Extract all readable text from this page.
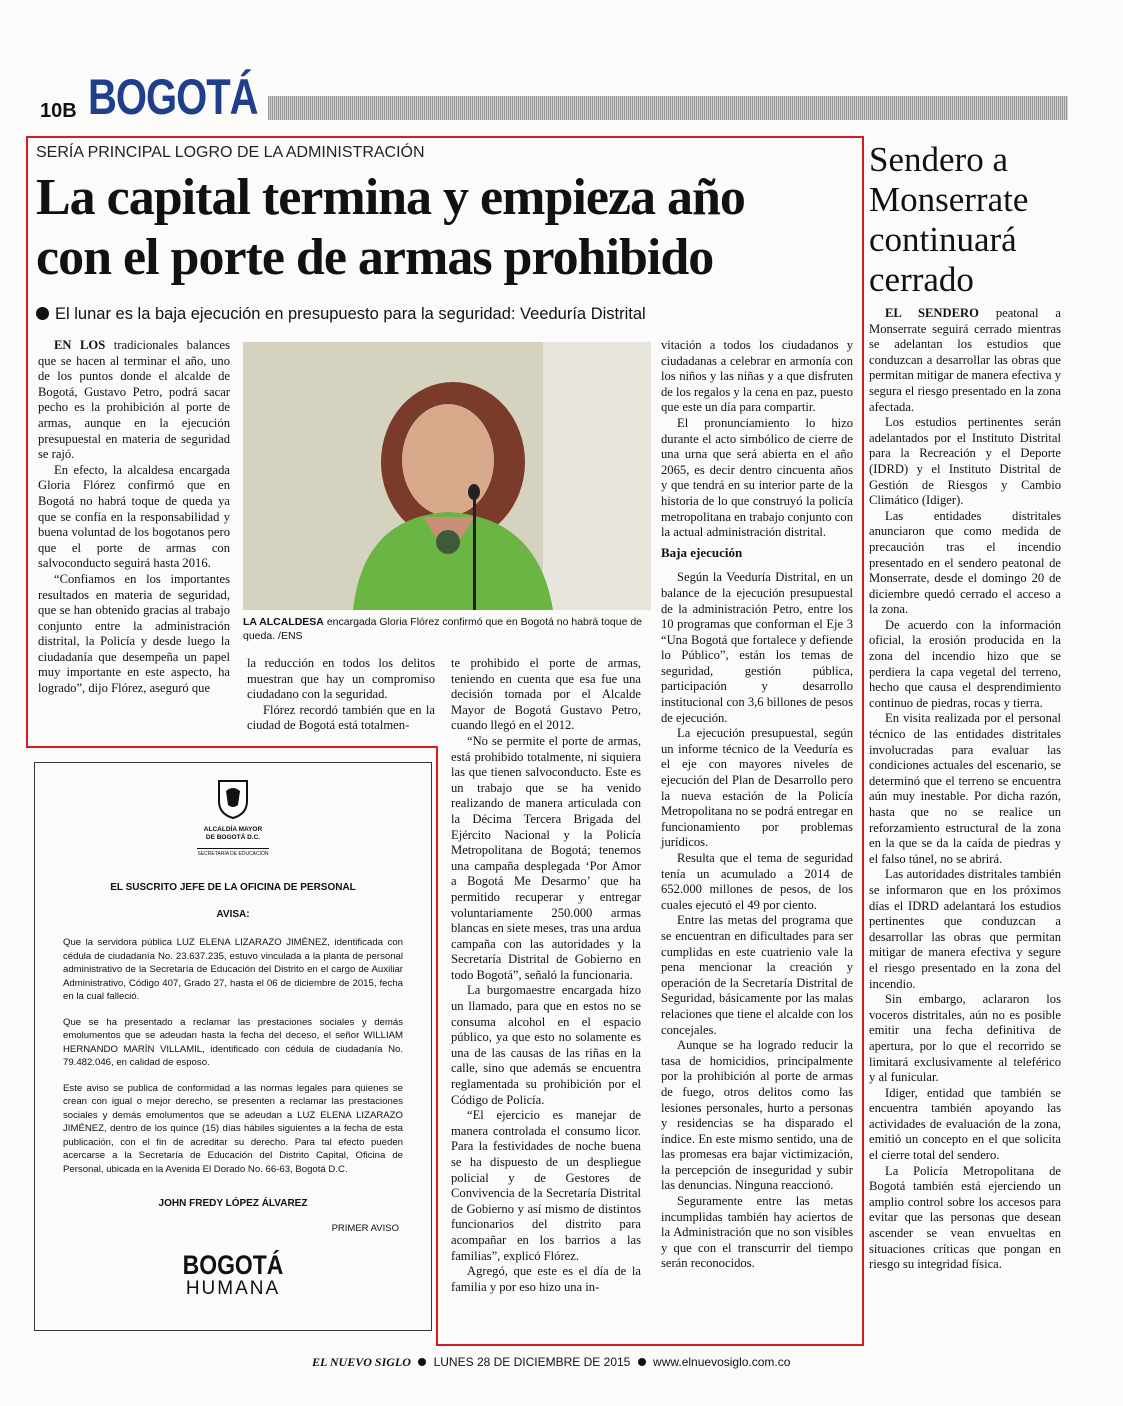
10B BOGOTÁ
SERÍA PRINCIPAL LOGRO DE LA ADMINISTRACIÓN
La capital termina y empieza año
con el porte de armas prohibido
El lunar es la baja ejecución en presupuesto para la seguridad: Veeduría Distrital

EN LOS tradicionales balances que se hacen al terminar el año, uno de los puntos donde el alcalde de Bogotá, Gustavo Petro, podrá sacar pecho es la prohibición al porte de armas, aunque en la ejecución presupuestal en materia de seguridad se rajó.

En efecto, la alcaldesa encargada Gloria Flórez confirmó que en Bogotá no habrá toque de queda ya que se confía en la responsabilidad y buena voluntad de los bogotanos pero que el porte de armas con salvoconducto seguirá hasta 2016.

“Confiamos en los importantes resultados en materia de seguridad, que se han obtenido gracias al trabajo conjunto entre la administración distrital, la Policía y desde luego la ciudadanía que desempeña un papel muy importante en este aspecto, ha logrado”, dijo Flórez, aseguró que

LA ALCALDESA encargada Gloria Flórez confirmó que en Bogotá no habrá toque de queda. /ENS

la reducción en todos los delitos muestran que hay un compromiso ciudadano con la seguridad.

Flórez recordó también que en la ciudad de Bogotá está totalmen-

te prohibido el porte de armas, teniendo en cuenta que esa fue una decisión tomada por el Alcalde Mayor de Bogotá Gustavo Petro, cuando llegó en el 2012.

“No se permite el porte de armas, está prohibido totalmente, ni siquiera las que tienen salvoconducto. Este es un trabajo que se ha venido realizando de manera articulada con la Décima Tercera Brigada del Ejército Nacional y la Policía Metropolitana de Bogotá; tenemos una campaña desplegada ‘Por Amor a Bogotá Me Desarmo’ que ha permitido recuperar y entregar voluntariamente 250.000 armas blancas en siete meses, tras una ardua campaña con las autoridades y la Secretaría Distrital de Gobierno en todo Bogotá”, señaló la funcionaria.

La burgomaestre encargada hizo un llamado, para que en estos no se consuma alcohol en el espacio público, ya que esto no solamente es una de las causas de las riñas en la calle, sino que además se encuentra reglamentada su prohibición por el Código de Policía.

“El ejercicio es manejar de manera controlada el consumo licor. Para la festividades de noche buena se ha dispuesto de un despliegue policial y de Gestores de Convivencia de la Secretaría Distrital de Gobierno y así mismo de distintos funcionarios del distrito para acompañar en los barrios a las familias”, explicó Flórez.

Agregó, que este es el día de la familia y por eso hizo una in-

vitación a todos los ciudadanos y ciudadanas a celebrar en armonía con los niños y las niñas y a que disfruten de los regalos y la cena en paz, puesto que este un día para compartir.

El pronunciamiento lo hizo durante el acto simbólico de cierre de una urna que será abierta en el año 2065, es decir dentro cincuenta años y que tendrá en su interior parte de la historia de lo que construyó la policía metropolitana en trabajo conjunto con la actual administración distrital.

Baja ejecución

Según la Veeduría Distrital, en un balance de la ejecución presupuestal de la administración Petro, entre los 10 programas que conforman el Eje 3 “Una Bogotá que fortalece y defiende lo Público”, están los temas de seguridad, gestión pública, participación y desarrollo institucional con 3,6 billones de pesos de ejecución.

La ejecución presupuestal, según un informe técnico de la Veeduría es el eje con mayores niveles de ejecución del Plan de Desarrollo pero la nueva estación de la Policía Metropolitana no se podrá entregar en funcionamiento por problemas jurídicos.

Resulta que el tema de seguridad tenía un acumulado a 2014 de 652.000 millones de pesos, de los cuales ejecutó el 49 por ciento.

Entre las metas del programa que se encuentran en dificultades para ser cumplidas en este cuatrienio vale la pena mencionar la creación y operación de la Secretaría Distrital de Seguridad, básicamente por las malas relaciones que tiene el alcalde con los concejales.

Aunque se ha logrado reducir la tasa de homicidios, principalmente por la prohibición al porte de armas de fuego, otros delitos como las lesiones personales, hurto a personas y residencias se ha disparado el índice. En este mismo sentido, una de las promesas era bajar victimización, la percepción de inseguridad y subir las denuncias. Ninguna reaccionó.

Seguramente entre las metas incumplidas también hay aciertos de la Administración que no son visibles y que con el transcurrir del tiempo serán reconocidos.

Sendero a
Monserrate
continuará
cerrado

EL SENDERO peatonal a Monserrate seguirá cerrado mientras se adelantan los estudios que conduzcan a desarrollar las obras que permitan mitigar de manera efectiva y segura el riesgo presentado en la zona afectada.

Los estudios pertinentes serán adelantados por el Instituto Distrital para la Recreación y el Deporte (IDRD) y el Instituto Distrital de Gestión de Riesgos y Cambio Climático (Idiger).

Las entidades distritales anunciaron que como medida de precaución tras el incendio presentado en el sendero peatonal de Monserrate, desde el domingo 20 de diciembre quedó cerrado el acceso a la zona.

De acuerdo con la información oficial, la erosión producida en la zona del incendio hizo que se perdiera la capa vegetal del terreno, hecho que causa el desprendimiento continuo de piedras, rocas y tierra.

En visita realizada por el personal técnico de las entidades distritales involucradas para evaluar las condiciones actuales del escenario, se determinó que el terreno se encuentra aún muy inestable. Por dicha razón, hasta que no se realice un reforzamiento estructural de la zona en la que se da la caída de piedras y el falso túnel, no se abrirá.

Las autoridades distritales también se informaron que en los próximos días el IDRD adelantará los estudios pertinentes que conduzcan a desarrollar las obras que permitan mitigar de manera efectiva y segure el riesgo presentado en la zona del incendio.

Sin embargo, aclararon los voceros distritales, aún no es posible emitir una fecha definitiva de apertura, por lo que el recorrido se limitará exclusivamente al teleférico y al funicular.

Idiger, entidad que también se encuentra también apoyando las actividades de evaluación de la zona, emitió un concepto en el que solicita el cierre total del sendero.

La Policía Metropolitana de Bogotá también está ejerciendo un amplio control sobre los accesos para evitar que las personas que desean ascender se vean envueltas en situaciones críticas que pongan en riesgo su integridad física.

ALCALDÍA MAYOR
DE BOGOTÁ D.C.
SECRETARÍA DE EDUCACIÓN
EL SUSCRITO JEFE DE LA OFICINA DE PERSONAL
AVISA:

Que la servidora pública LUZ ELENA LIZARAZO JIMÉNEZ, identificada con cédula de ciudadanía No. 23.637.235, estuvo vinculada a la planta de personal administrativo de la Secretaría de Educación del Distrito en el cargo de Auxiliar Administrativo, Código 407, Grado 27, hasta el 06 de diciembre de 2015, fecha en la cual falleció.

Que se ha presentado a reclamar las prestaciones sociales y demás emolumentos que se adeudan hasta la fecha del deceso, el señor WILLIAM HERNANDO MARÍN VILLAMIL, identificado con cédula de ciudadanía No. 79.482.046, en calidad de esposo.

Este aviso se publica de conformidad a las normas legales para quienes se crean con igual o mejor derecho, se presenten a reclamar las prestaciones sociales y demás emolumentos que se adeudan a LUZ ELENA LIZARAZO JIMÉNEZ, dentro de los quince (15) días hábiles siguientes a la fecha de esta publicación, con el fin de acreditar su derecho. Para tal efecto pueden acercarse a la Secretaría de Educación del Distrito Capital, Oficina de Personal, ubicada en la Avenida El Dorado No. 66-63, Bogotá D.C.

JOHN FREDY LÓPEZ ÁLVAREZ
PRIMER AVISO
BOGOTÁ
HUMANA
EL NUEVO SIGLO LUNES 28 DE DICIEMBRE DE 2015 www.elnuevosiglo.com.co
